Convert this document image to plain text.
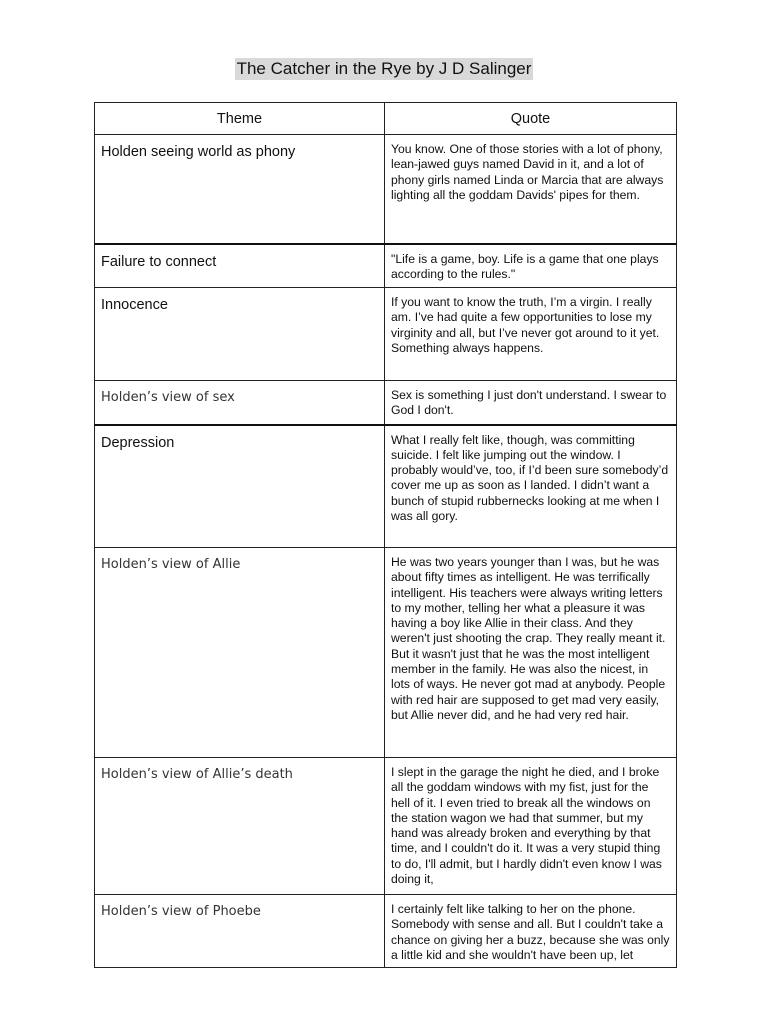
The Catcher in the Rye by J D Salinger
Theme	Quote
Holden seeing world as phony	You know. One of those stories with a lot of phony, lean-jawed guys named David in it, and a lot of phony girls named Linda or Marcia that are always lighting all the goddam Davids' pipes for them.
Failure to connect	"Life is a game, boy. Life is a game that one plays according to the rules."
Innocence	If you want to know the truth, I’m a virgin. I really am. I’ve had quite a few opportunities to lose my virginity and all, but I’ve never got around to it yet. Something always happens.
Holden’s view of sex	Sex is something I just don't understand. I swear to God I don't.
Depression	What I really felt like, though, was committing suicide. I felt like jumping out the window. I probably would’ve, too, if I’d been sure somebody’d cover me up as soon as I landed. I didn’t want a bunch of stupid rubbernecks looking at me when I was all gory.
Holden’s view of Allie	He was two years younger than I was, but he was about fifty times as intelligent. He was terrifically intelligent. His teachers were always writing letters to my mother, telling her what a pleasure it was having a boy like Allie in their class. And they weren't just shooting the crap. They really meant it. But it wasn't just that he was the most intelligent member in the family. He was also the nicest, in lots of ways. He never got mad at anybody. People with red hair are supposed to get mad very easily, but Allie never did, and he had very red hair.
Holden’s view of Allie’s death	I slept in the garage the night he died, and I broke all the goddam windows with my fist, just for the hell of it. I even tried to break all the windows on the station wagon we had that summer, but my hand was already broken and everything by that time, and I couldn't do it. It was a very stupid thing to do, I'll admit, but I hardly didn't even know I was doing it,
Holden’s view of Phoebe	I certainly felt like talking to her on the phone. Somebody with sense and all. But I couldn't take a chance on giving her a buzz, because she was only a little kid and she wouldn't have been up, let
